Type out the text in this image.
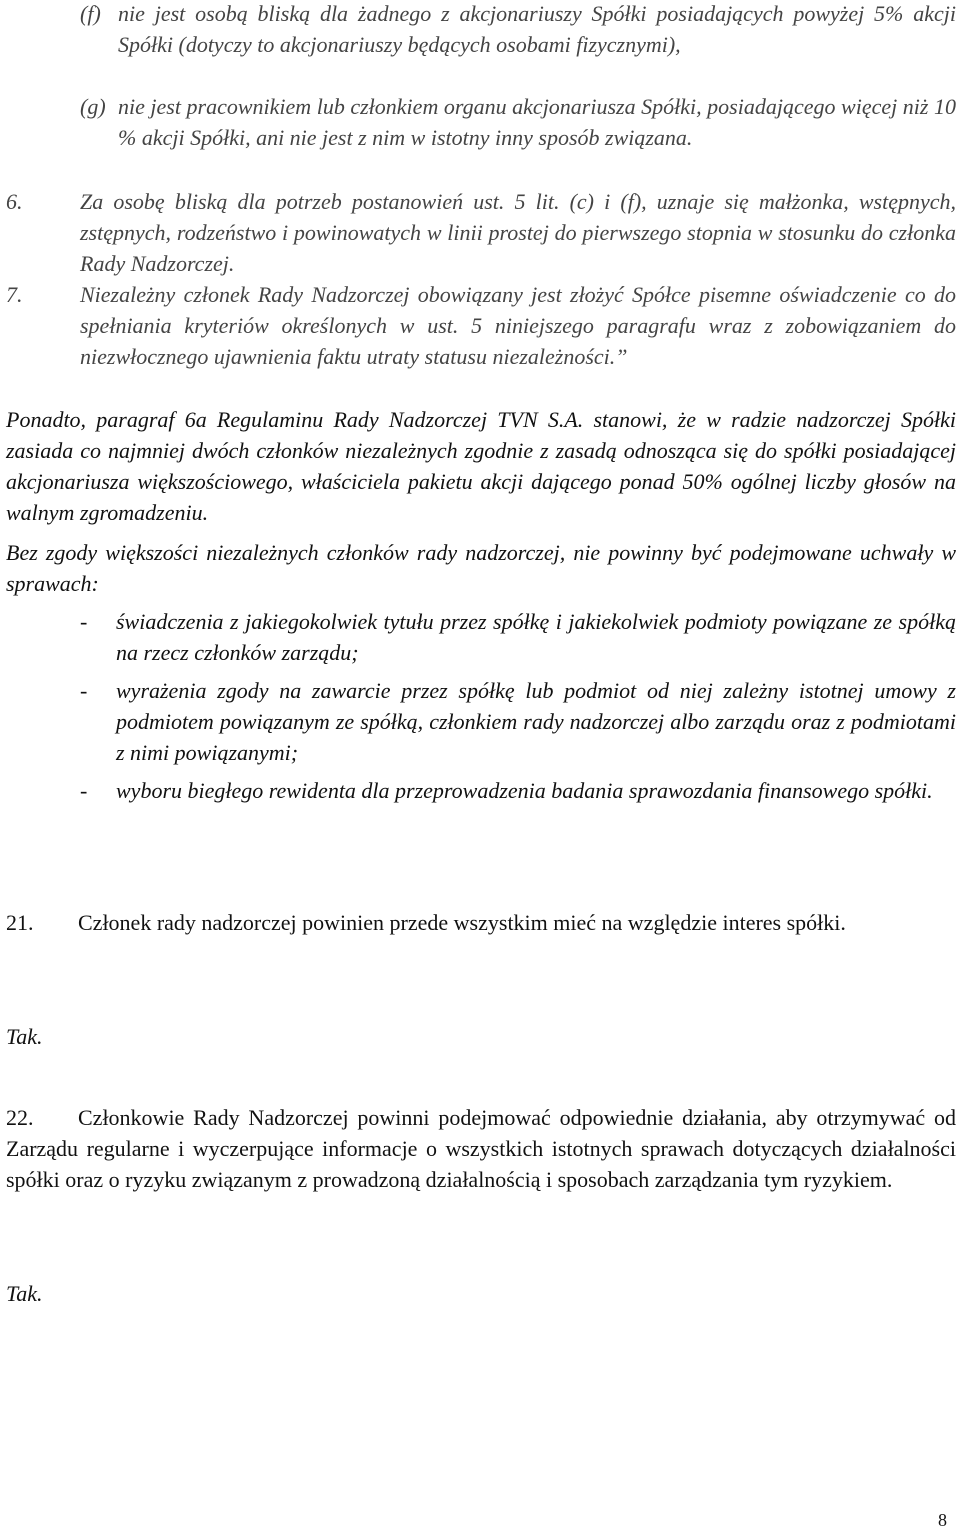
(f) nie jest osobą bliską dla żadnego z akcjonariuszy Spółki posiadających powyżej 5% akcji Spółki (dotyczy to akcjonariuszy będących osobami fizycznymi),
(g) nie jest pracownikiem lub członkiem organu akcjonariusza Spółki, posiadającego więcej niż 10 % akcji Spółki, ani nie jest z nim w istotny inny sposób związana.
6.	Za osobę bliską dla potrzeb postanowień ust. 5 lit. (c) i (f), uznaje się małżonka, wstępnych, zstępnych, rodzeństwo i powinowatych w linii prostej do pierwszego stopnia w stosunku do członka Rady Nadzorczej.
7.	Niezależny członek Rady Nadzorczej obowiązany jest złożyć Spółce pisemne oświadczenie co do spełniania kryteriów określonych w ust. 5 niniejszego paragrafu wraz z zobowiązaniem do niezwłocznego ujawnienia faktu utraty statusu niezależności.”
Ponadto, paragraf 6a Regulaminu Rady Nadzorczej TVN S.A. stanowi, że w radzie nadzorczej Spółki zasiada co najmniej dwóch członków niezależnych zgodnie z zasadą odnosząca się do spółki posiadającej akcjonariusza większościowego, właściciela pakietu akcji dającego ponad 50% ogólnej liczby głosów na walnym zgromadzeniu.
Bez zgody większości niezależnych członków rady nadzorczej, nie powinny być podejmowane uchwały w sprawach:
- świadczenia z jakiegokolwiek tytułu przez spółkę i jakiekolwiek podmioty powiązane ze spółką na rzecz członków zarządu;
- wyrażenia zgody na zawarcie przez spółkę lub podmiot od niej zależny istotnej umowy z podmiotem powiązanym ze spółką, członkiem rady nadzorczej albo zarządu oraz z podmiotami z nimi powiązanymi;
- wyboru biegłego rewidenta dla przeprowadzenia badania sprawozdania finansowego spółki.
21. Członek rady nadzorczej powinien przede wszystkim mieć na względzie interes spółki.
Tak.
22. Członkowie Rady Nadzorczej powinni podejmować odpowiednie działania, aby otrzymywać od Zarządu regularne i wyczerpujące informacje o wszystkich istotnych sprawach dotyczących działalności spółki oraz o ryzyku związanym z prowadzoną działalnością i sposobach zarządzania tym ryzykiem.
Tak.
8
